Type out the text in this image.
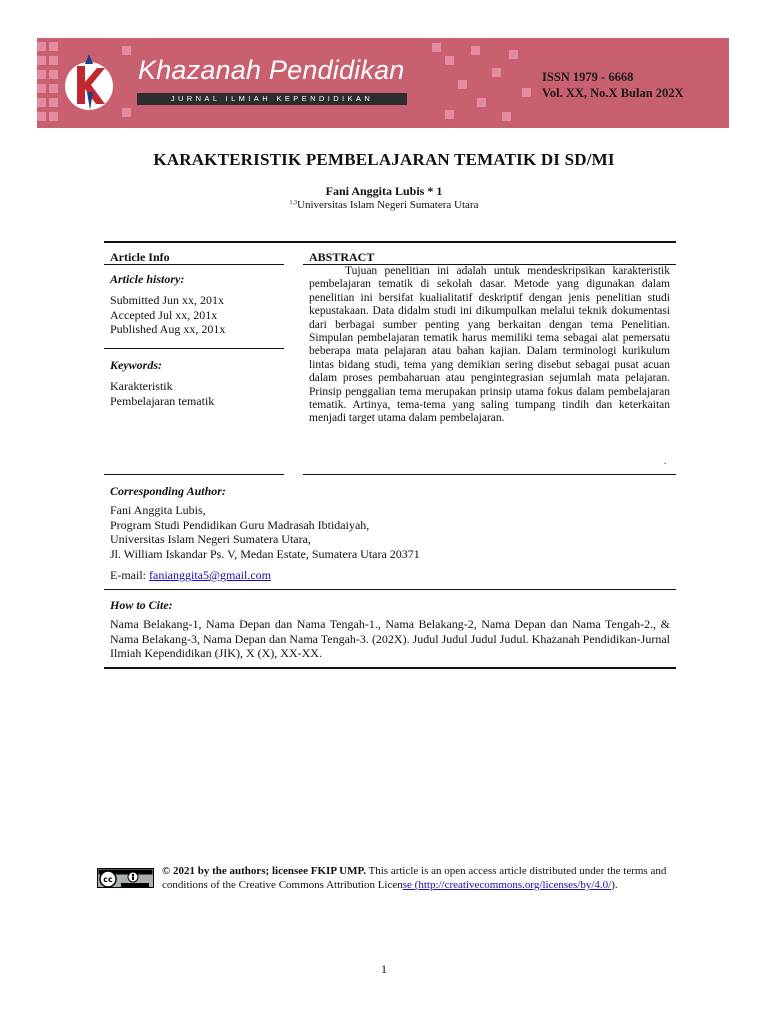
Khazanah Pendidikan
JURNAL ILMIAH KEPENDIDIKAN
ISSN 1979 - 6668
Vol. XX, No.X Bulan 202X
KARAKTERISTIK PEMBELAJARAN TEMATIK DI SD/MI
Fani Anggita Lubis * 1
$^{1,3}$Universitas Islam Negeri Sumatera Utara
Article Info
Article history:
Submitted Jun xx, 201x
Accepted Jul xx, 201x
Published Aug xx, 201x
Keywords:
Karakteristik
Pembelajaran tematik
ABSTRACT
Tujuan penelitian ini adalah untuk mendeskripsikan karakteristik pembelajaran tematik di sekolah dasar. Metode yang digunakan dalam penelitian ini bersifat kualialitatif deskriptif dengan jenis penelitian studi kepustakaan. Data didalm studi ini dikumpulkan melalui teknik dokumentasi dari berbagai sumber penting yang berkaitan dengan tema Penelitian. Simpulan pembelajaran tematik harus memiliki tema sebagai alat pemersatu beberapa mata pelajaran atau bahan kajian. Dalam terminologi kurikulum lintas bidang studi, tema yang demikian sering disebut sebagai pusat acuan dalam proses pembaharuan atau pengintegrasian sejumlah mata pelajaran. Prinsip penggalian tema merupakan prinsip utama fokus dalam pembelajaran tematik. Artinya, tema-tema yang saling tumpang tindih dan keterkaitan menjadi target utama dalam pembelajaran.
.
Corresponding Author:
Fani Anggita Lubis,
Program Studi Pendidikan Guru Madrasah Ibtidaiyah,
Universitas Islam Negeri Sumatera Utara,
Jl. William Iskandar Ps. V, Medan Estate, Sumatera Utara 20371
E-mail: fanianggita5@gmail.com
How to Cite:
Nama Belakang-1, Nama Depan dan Nama Tengah-1., Nama Belakang-2, Nama Depan dan Nama Tengah-2., & Nama Belakang-3, Nama Depan dan Nama Tengah-3. (202X). Judul Judul Judul Judul. Khazanah Pendidikan-Jurnal Ilmiah Kependidikan (JIK), X (X), XX-XX.
cc
© 2021 by the authors; licensee FKIP UMP. This article is an open access article distributed under the terms and conditions of the Creative Commons Attribution License (http://creativecommons.org/licenses/by/4.0/).
1
